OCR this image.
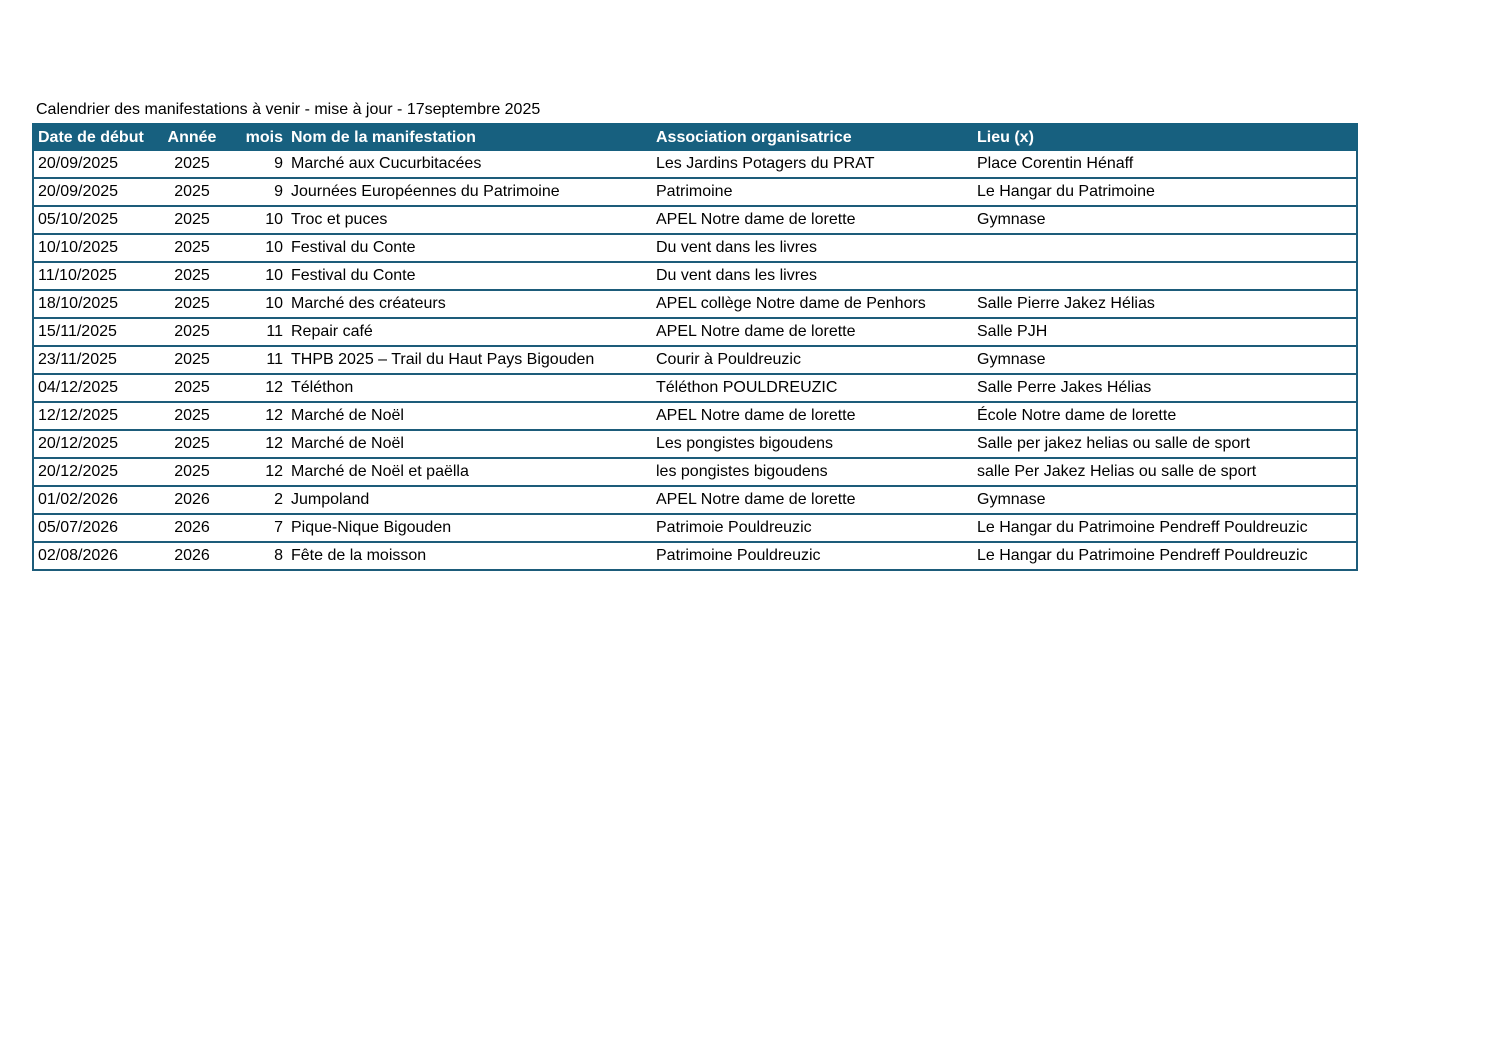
Calendrier des manifestations à venir - mise à jour - 17septembre 2025
Date de début	Année	mois	Nom de la manifestation	Association organisatrice	Lieu (x)
20/09/2025	2025	9	Marché aux Cucurbitacées	Les Jardins Potagers du PRAT	Place Corentin Hénaff
20/09/2025	2025	9	Journées Européennes du Patrimoine	Patrimoine	Le Hangar du Patrimoine
05/10/2025	2025	10	Troc et puces	APEL Notre dame de lorette	Gymnase
10/10/2025	2025	10	Festival du Conte	Du vent dans les livres	
11/10/2025	2025	10	Festival du Conte	Du vent dans les livres	
18/10/2025	2025	10	Marché des créateurs	APEL collège Notre dame de Penhors	Salle Pierre Jakez Hélias
15/11/2025	2025	11	Repair café	APEL Notre dame de lorette	Salle PJH
23/11/2025	2025	11	THPB 2025 – Trail du Haut Pays Bigouden	Courir à Pouldreuzic	Gymnase
04/12/2025	2025	12	Téléthon	Téléthon POULDREUZIC	Salle Perre Jakes Hélias
12/12/2025	2025	12	Marché de Noël	APEL Notre dame de lorette	École Notre dame de lorette
20/12/2025	2025	12	Marché de Noël	Les pongistes bigoudens	Salle per jakez helias ou salle de sport
20/12/2025	2025	12	Marché de Noël et paëlla	les pongistes bigoudens	salle Per Jakez Helias ou salle de sport
01/02/2026	2026	2	Jumpoland	APEL Notre dame de lorette	Gymnase
05/07/2026	2026	7	Pique-Nique Bigouden	Patrimoie Pouldreuzic	Le Hangar du Patrimoine Pendreff Pouldreuzic
02/08/2026	2026	8	Fête de la moisson	Patrimoine Pouldreuzic	Le Hangar du Patrimoine Pendreff Pouldreuzic
